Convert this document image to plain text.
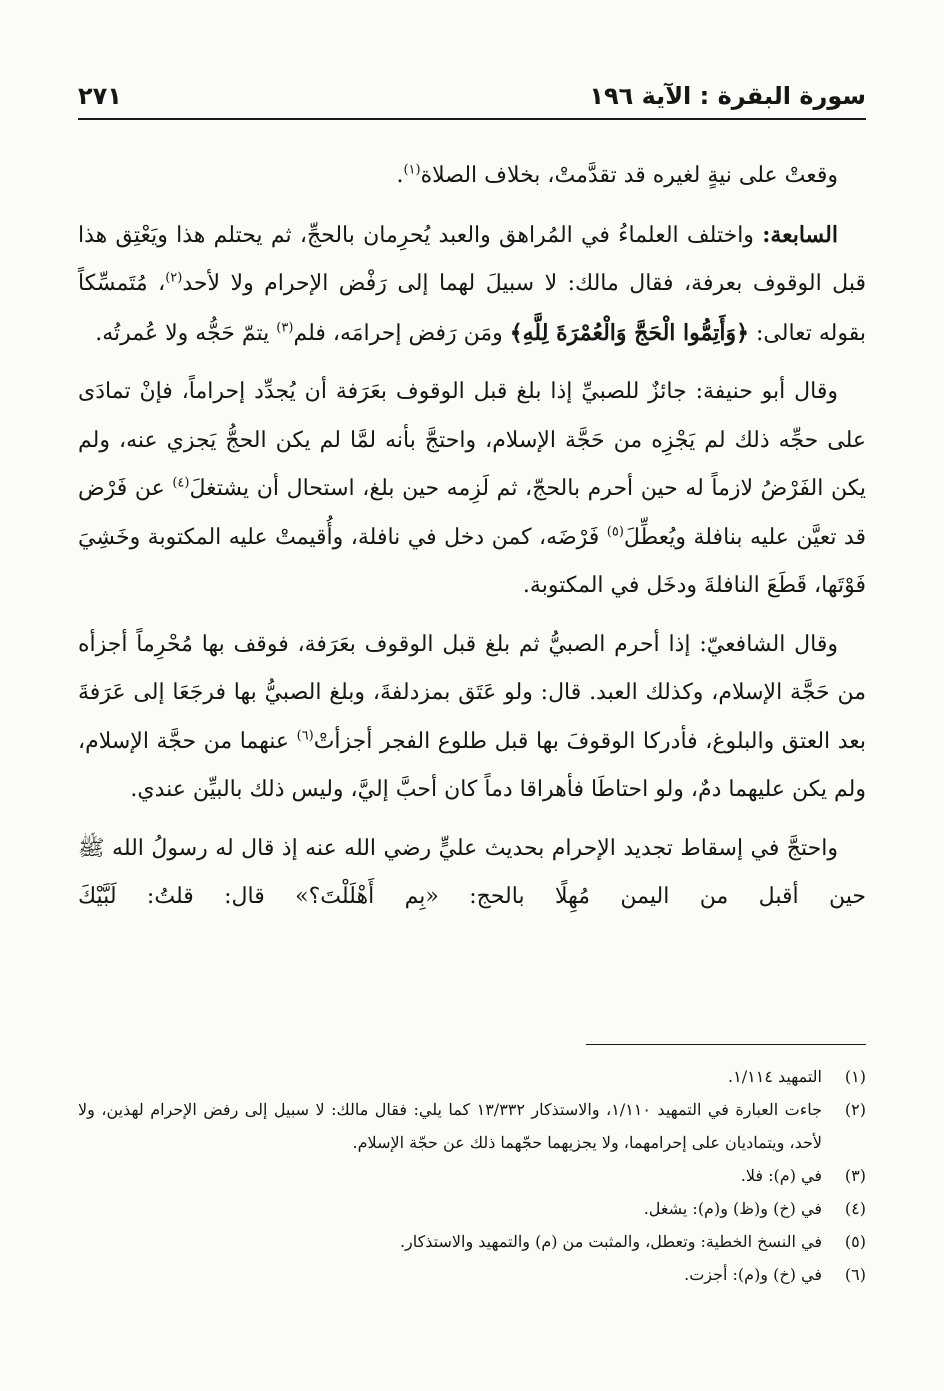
سورة البقرة : الآية ١٩٦
٢٧١

وقعتْ على نيةٍ لغيره قد تقدَّمتْ، بخلاف الصلاة$^{(١)}$.

السابعة: واختلف العلماءُ في المُراهق والعبد يُحرِمان بالحجِّ، ثم يحتلم هذا ويَعْتِق هذا قبل الوقوف بعرفة، فقال مالك: لا سبيلَ لهما إلى رَفْض الإحرام ولا لأحد$^{(٢)}$، مُتَمسِّكاً بقوله تعالى: ﴿وَأَتِمُّوا الْحَجَّ وَالْعُمْرَةَ لِلَّهِ﴾ ومَن رَفض إحرامَه، فلم$^{(٣)}$ يتمّ حَجُّه ولا عُمرتُه.

وقال أبو حنيفة: جائزٌ للصبيِّ إذا بلغ قبل الوقوف بعَرَفة أن يُجدِّد إحراماً، فإنْ تمادَى على حجِّه ذلك لم يَجْزِه من حَجَّة الإسلام، واحتجَّ بأنه لمَّا لم يكن الحجُّ يَجزي عنه، ولم يكن الفَرْضُ لازماً له حين أحرم بالحجّ، ثم لَزِمه حين بلغ، استحال أن يشتغلَ$^{(٤)}$ عن فَرْض قد تعيَّن عليه بنافلة ويُعطِّلَ$^{(٥)}$ فَرْضَه، كمن دخل في نافلة، وأُقيمتْ عليه المكتوبة وخَشِيَ فَوْتَها، قَطَعَ النافلةَ ودخَل في المكتوبة.

وقال الشافعيّ: إذا أحرم الصبيُّ ثم بلغ قبل الوقوف بعَرَفة، فوقف بها مُحْرِماً أجزأه من حَجَّة الإسلام، وكذلك العبد. قال: ولو عَتَق بمزدلفةَ، وبلغ الصبيُّ بها فرجَعَا إلى عَرَفةَ بعد العتق والبلوغ، فأدركا الوقوفَ بها قبل طلوع الفجر أجزأتْ$^{(٦)}$ عنهما من حجَّة الإسلام، ولم يكن عليهما دمٌ، ولو احتاطَا فأهراقا دماً كان أحبَّ إليَّ، وليس ذلك بالبيِّن عندي.

واحتجَّ في إسقاط تجديد الإحرام بحديث عليٍّ رضي الله عنه إذ قال له رسولُ الله ﷺ حين أقبل من اليمن مُهِلًا بالحج: «بِم أَهْلَلْتَ؟» قال: قلتُ: لَبَّيْكَ

(١)
التمهيد ١/١١٤.
(٢)
جاءت العبارة في التمهيد ١/١١٠، والاستذكار ١٣/٣٣٢ كما يلي: فقال مالك: لا سبيل إلى رفض الإحرام لهذين، ولا لأحد، ويتماديان على إحرامهما، ولا يجزيهما حجّهما ذلك عن حجّة الإسلام.
(٣)
في (م): فلا.
(٤)
في (خ) و(ظ) و(م): يشغل.
(٥)
في النسخ الخطية: وتعطل، والمثبت من (م) والتمهيد والاستذكار.
(٦)
في (خ) و(م): أجزت.
